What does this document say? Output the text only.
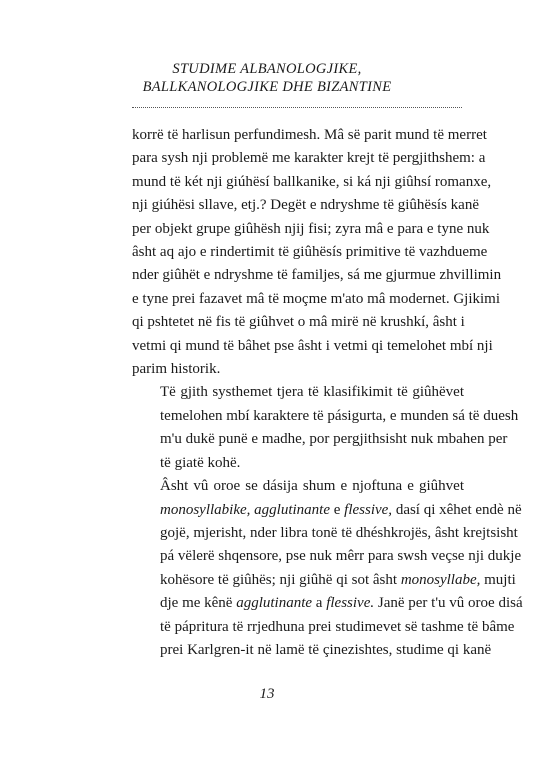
STUDIME ALBANOLOGJIKE,
BALLKANOLOGJIKE DHE BIZANTINE
korrë të harlisun perfundimesh. Mâ së parit mund të merret
para sysh nji problemë me karakter krejt të pergjithshem: a
mund të két nji giúhësí ballkanike, si ká nji giûhsí romanxe,
nji giúhësi sllave, etj.? Degët e ndryshme të giûhësís kanë
per objekt grupe giûhësh njij fisi; zyra mâ e para e tyne nuk
âsht aq ajo e rindertimit të giûhësís primitive të vazhdueme
nder giûhët e ndryshme të familjes, sá me gjurmue zhvillimin
e tyne prei fazavet mâ të moçme m'ato mâ modernet. Gjikimi
qi pshtetet në fis të giûhvet o mâ mirë në krushkí, âsht i
vetmi qi mund të bâhet pse âsht i vetmi qi temelohet mbí nji
parim historik.
Të gjith systhemet tjera të klasifikimit të giûhëvet
temelohen mbí karaktere të pásigurta, e munden sá të duesh
m'u dukë punë e madhe, por pergjithsisht nuk mbahen per
të giatë kohë.
Âsht vû oroe se dásija shum e njoftuna e giûhvet
monosyllabike, agglutinante e flessive, dasí qi xêhet endè në
gojë, mjerisht, nder libra tonë të dhéshkrojës, âsht krejtsisht
pá vëlerë shqensore, pse nuk mêrr para swsh veçse nji dukje
kohësore të giûhës; nji giûhë qi sot âsht monosyllabe, mujti
dje me kênë agglutinante a flessive. Janë per t'u vû oroe disá
të pápritura të rrjedhuna prei studimevet së tashme të bâme
prei Karlgren-it në lamë të çinezishtes, studime qi kanë
13
